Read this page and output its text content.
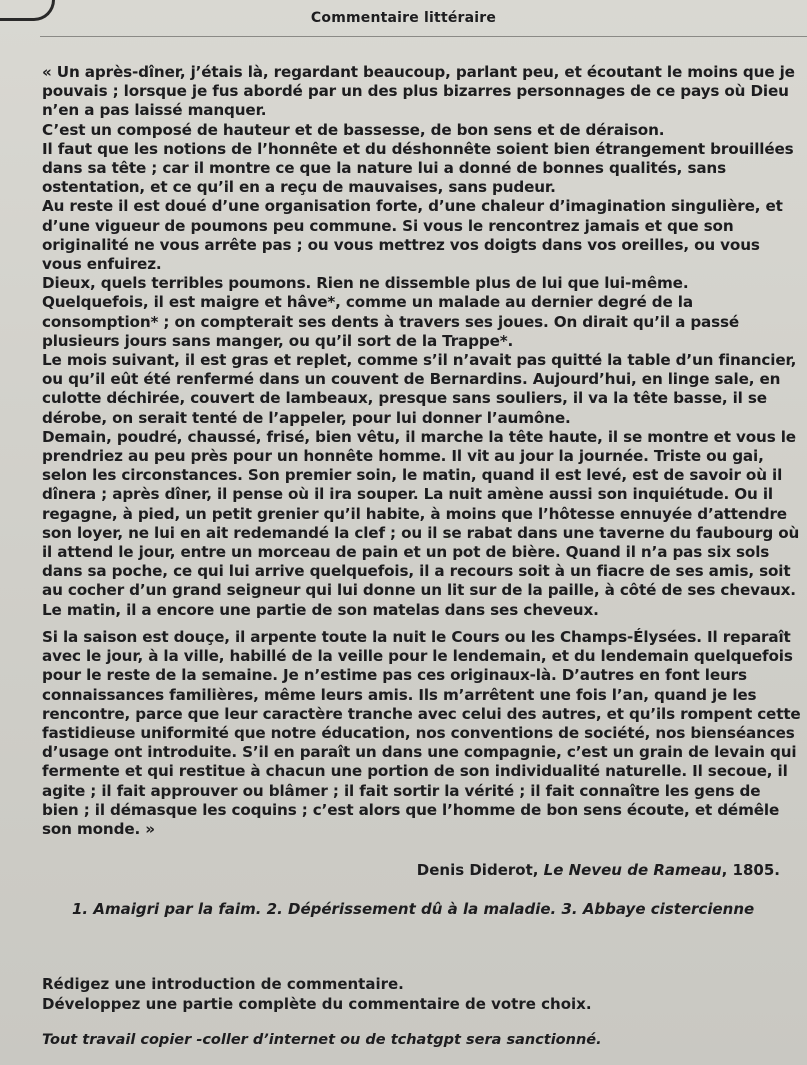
Commentaire littéraire

« Un après-dîner, j’étais là, regardant beaucoup, parlant peu, et écoutant le moins que je pouvais ; lorsque je fus abordé par un des plus bizarres personnages de ce pays où Dieu n’en a pas laissé manquer.

C’est un composé de hauteur et de bassesse, de bon sens et de déraison.

Il faut que les notions de l’honnête et du déshonnête soient bien étrangement brouillées dans sa tête ; car il montre ce que la nature lui a donné de bonnes qualités, sans ostentation, et ce qu’il en a reçu de mauvaises, sans pudeur.

Au reste il est doué d’une organisation forte, d’une chaleur d’imagination singulière, et d’une vigueur de poumons peu commune. Si vous le rencontrez jamais et que son originalité ne vous arrête pas ; ou vous mettrez vos doigts dans vos oreilles, ou vous vous enfuirez.

Dieux, quels terribles poumons. Rien ne dissemble plus de lui que lui-même.

Quelquefois, il est maigre et hâve*, comme un malade au dernier degré de la consomption* ; on compterait ses dents à travers ses joues. On dirait qu’il a passé plusieurs jours sans manger, ou qu’il sort de la Trappe*.

Le mois suivant, il est gras et replet, comme s’il n’avait pas quitté la table d’un financier, ou qu’il eût été renfermé dans un couvent de Bernardins. Aujourd’hui, en linge sale, en culotte déchirée, couvert de lambeaux, presque sans souliers, il va la tête basse, il se dérobe, on serait tenté de l’appeler, pour lui donner l’aumône.

Demain, poudré, chaussé, frisé, bien vêtu, il marche la tête haute, il se montre et vous le prendriez au peu près pour un honnête homme. Il vit au jour la journée. Triste ou gai, selon les circonstances. Son premier soin, le matin, quand il est levé, est de savoir où il dînera ; après dîner, il pense où il ira souper. La nuit amène aussi son inquiétude. Ou il regagne, à pied, un petit grenier qu’il habite, à moins que l’hôtesse ennuyée d’attendre son loyer, ne lui en ait redemandé la clef ; ou il se rabat dans une taverne du faubourg où il attend le jour, entre un morceau de pain et un pot de bière. Quand il n’a pas six sols dans sa poche, ce qui lui arrive quelquefois, il a recours soit à un fiacre de ses amis, soit au cocher d’un grand seigneur qui lui donne un lit sur de la paille, à côté de ses chevaux. Le matin, il a encore une partie de son matelas dans ses cheveux.

Si la saison est douçe, il arpente toute la nuit le Cours ou les Champs-Élysées. Il reparaît avec le jour, à la ville, habillé de la veille pour le lendemain, et du lendemain quelquefois pour le reste de la semaine. Je n’estime pas ces originaux-là. D’autres en font leurs connaissances familières, même leurs amis. Ils m’arrêtent une fois l’an, quand je les rencontre, parce que leur caractère tranche avec celui des autres, et qu’ils rompent cette fastidieuse uniformité que notre éducation, nos conventions de société, nos bienséances d’usage ont introduite. S’il en paraît un dans une compagnie, c’est un grain de levain qui fermente et qui restitue à chacun une portion de son individualité naturelle. Il secoue, il agite ; il fait approuver ou blâmer ; il fait sortir la vérité ; il fait connaître les gens de bien ; il démasque les coquins ; c’est alors que l’homme de bon sens écoute, et démêle son monde. »

Denis Diderot, Le Neveu de Rameau, 1805.
1. Amaigri par la faim. 2. Dépérissement dû à la maladie. 3. Abbaye cistercienne

Rédigez une introduction de commentaire.

Développez une partie complète du commentaire de votre choix.

Tout travail copier -coller d’internet ou de tchatgpt sera sanctionné.
